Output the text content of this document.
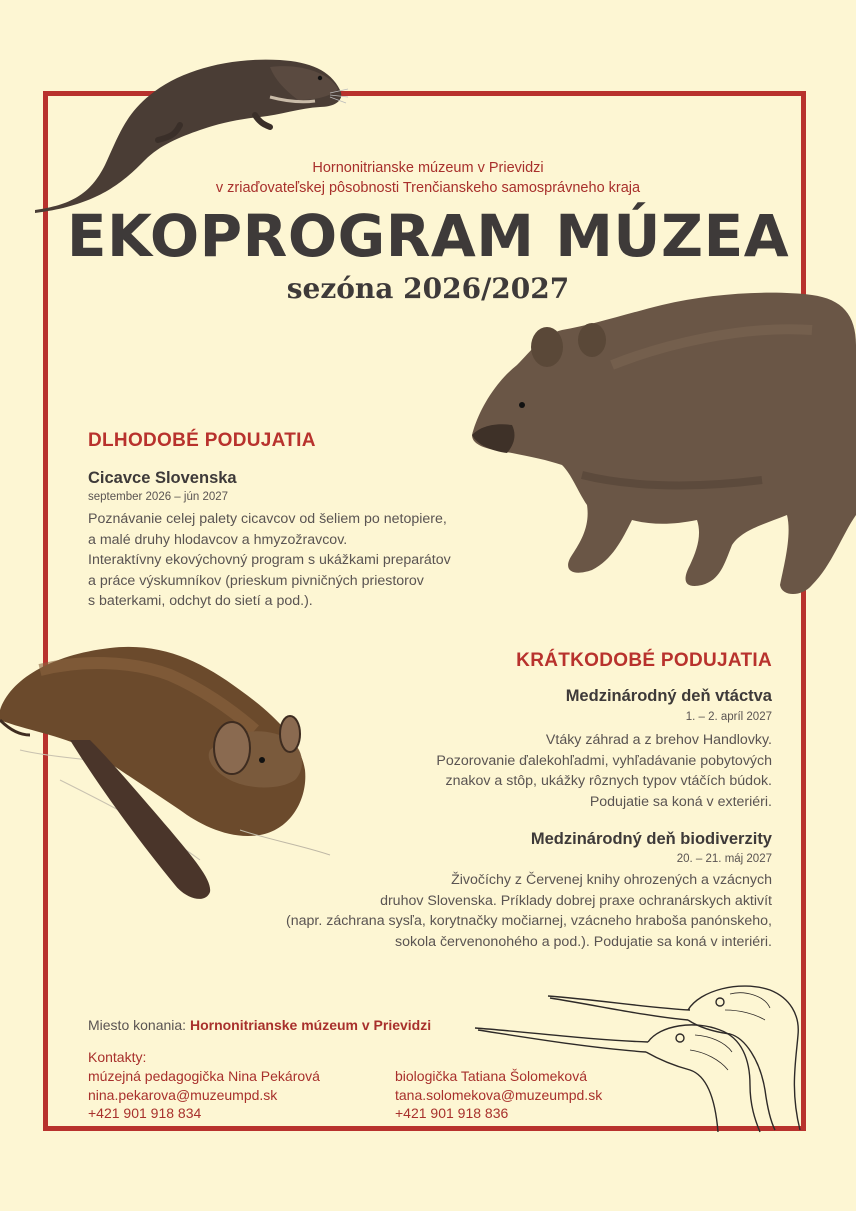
Hornonitrianske múzeum v Prievidzi
v zriaďovateľskej pôsobnosti Trenčianskeho samosprávneho kraja
EKOPROGRAM MÚZEA
sezóna 2026/2027
DLHODOBÉ PODUJATIA
Cicavce Slovenska
september 2026 – jún 2027
Poznávanie celej palety cicavcov od šeliem po netopiere,
a malé druhy hlodavcov a hmyzožravcov.
Interaktívny ekovýchovný program s ukážkami preparátov
a práce výskumníkov (prieskum pivničných priestorov
s baterkami, odchyt do sietí a pod.).
KRÁTKODOBÉ PODUJATIA
Medzinárodný deň vtáctva
1. – 2. apríl 2027
Vtáky záhrad a z brehov Handlovky.
Pozorovanie ďalekohľadmi, vyhľadávanie pobytových
znakov a stôp, ukážky rôznych typov vtáčích búdok.
Podujatie sa koná v exteriéri.
Medzinárodný deň biodiverzity
20. – 21. máj 2027
Živočíchy z Červenej knihy ohrozených a vzácnych
druhov Slovenska. Príklady dobrej praxe ochranárskych aktivít
(napr. záchrana sysľa, korytnačky močiarnej, vzácneho hraboša panónskeho,
sokola červenonohého a pod.). Podujatie sa koná v interiéri.
Miesto konania: Hornonitrianske múzeum v Prievidzi
Kontakty:
múzejná pedagogička Nina Pekárová
nina.pekarova@muzeumpd.sk
+421 901 918 834
biologička Tatiana Šolomeková
tana.solomekova@muzeumpd.sk
+421 901 918 836
